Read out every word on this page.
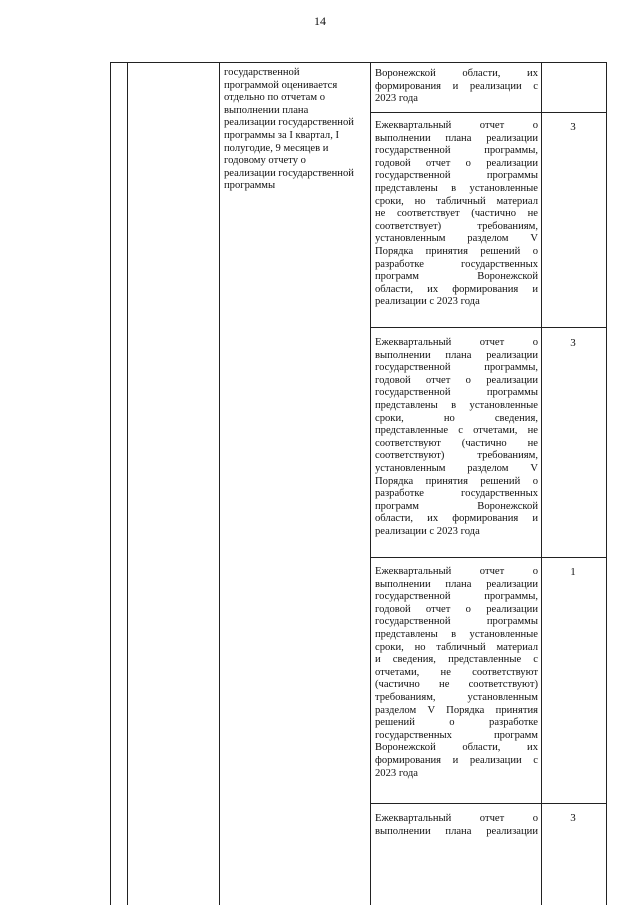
14
государственной
программой оценивается
отдельно по отчетам о
выполнении плана
реализации государственной
программы за I квартал, I
полугодие, 9 месяцев и
годовому отчету о
реализации государственной
программы
Воронежской области, их
формирования и реализации с
2023 года
Ежеквартальный отчет о
выполнении плана реализации
государственной программы,
годовой отчет о реализации
государственной программы
представлены в установленные
сроки, но табличный материал
не соответствует (частично не
соответствует) требованиям,
установленным разделом V
Порядка принятия решений о
разработке государственных
программ Воронежской
области, их формирования и
реализации с 2023 года
3
Ежеквартальный отчет о
выполнении плана реализации
государственной программы,
годовой отчет о реализации
государственной программы
представлены в установленные
сроки, но сведения,
представленные с отчетами, не
соответствуют (частично не
соответствуют) требованиям,
установленным разделом V
Порядка принятия решений о
разработке государственных
программ Воронежской
области, их формирования и
реализации с 2023 года
3
Ежеквартальный отчет о
выполнении плана реализации
государственной программы,
годовой отчет о реализации
государственной программы
представлены в установленные
сроки, но табличный материал
и сведения, представленные с
отчетами, не соответствуют
(частично не соответствуют)
требованиям, установленным
разделом V Порядка принятия
решений о разработке
государственных программ
Воронежской области, их
формирования и реализации с
2023 года
1
Ежеквартальный отчет о
выполнении плана реализации
3
